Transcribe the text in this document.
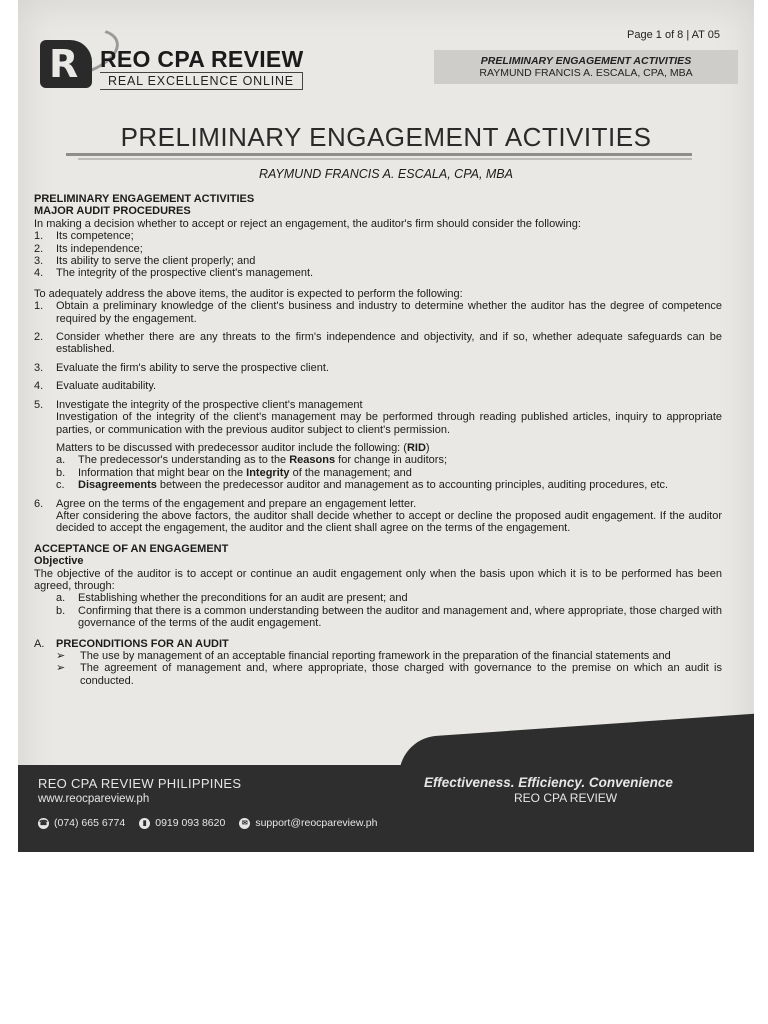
Page 1 of 8 | AT 05
R REO CPA REVIEW
REAL EXCELLENCE ONLINE
PRELIMINARY ENGAGEMENT ACTIVITIES
RAYMUND FRANCIS A. ESCALA, CPA, MBA
PRELIMINARY ENGAGEMENT ACTIVITIES
RAYMUND FRANCIS A. ESCALA, CPA, MBA

PRELIMINARY ENGAGEMENT ACTIVITIES

MAJOR AUDIT PROCEDURES

In making a decision whether to accept or reject an engagement, the auditor's firm should consider the following:

1.	Its competence;
2.	Its independence;
3.	Its ability to serve the client properly; and
4.	The integrity of the prospective client's management.

To adequately address the above items, the auditor is expected to perform the following:

1.	Obtain a preliminary knowledge of the client's business and industry to determine whether the auditor has the degree of competence required by the engagement.
2.	Consider whether there are any threats to the firm's independence and objectivity, and if so, whether adequate safeguards can be established.
3.	Evaluate the firm's ability to serve the prospective client.
4.	Evaluate auditability.
5.	Investigate the integrity of the prospective client's management

Investigation of the integrity of the client's management may be performed through reading published articles, inquiry to appropriate parties, or communication with the previous auditor subject to client's permission.

Matters to be discussed with predecessor auditor include the following: (RID)

a.	The predecessor's understanding as to the Reasons for change in auditors;
b.	Information that might bear on the Integrity of the management; and
c.	Disagreements between the predecessor auditor and management as to accounting principles, auditing procedures, etc.
6.	Agree on the terms of the engagement and prepare an engagement letter.

After considering the above factors, the auditor shall decide whether to accept or decline the proposed audit engagement. If the auditor decided to accept the engagement, the auditor and the client shall agree on the terms of the engagement.

ACCEPTANCE OF AN ENGAGEMENT

Objective

The objective of the auditor is to accept or continue an audit engagement only when the basis upon which it is to be performed has been agreed, through:

a.	Establishing whether the preconditions for an audit are present; and
b.	Confirming that there is a common understanding between the auditor and management and, where appropriate, those charged with governance of the terms of the audit engagement.
A.	PRECONDITIONS FOR AN AUDIT
➢	The use by management of an acceptable financial reporting framework in the preparation of the financial statements and
➢	The agreement of management and, where appropriate, those charged with governance to the premise on which an audit is conducted.
REO CPA REVIEW PHILIPPINES
www.reocpareview.ph
Effectiveness. Efficiency. Convenience
REO CPA REVIEW
☎ (074) 665 6774	▮ 0919 093 8620	✉ support@reocpareview.ph
